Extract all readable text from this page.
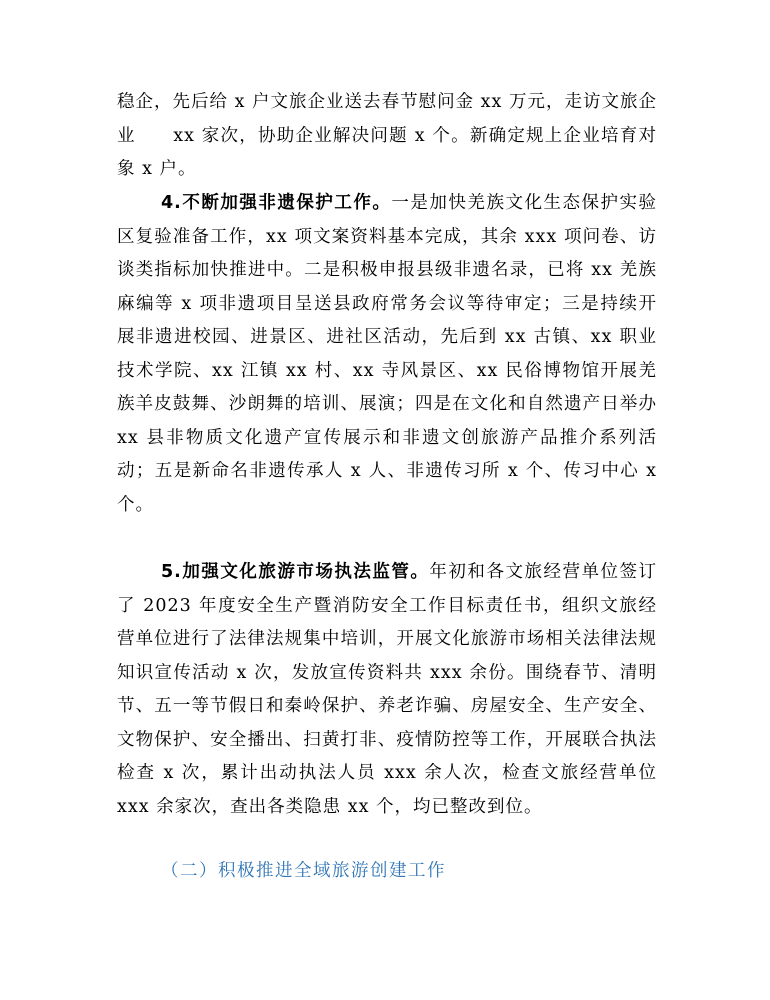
稳企，先后给 x 户文旅企业送去春节慰问金 xx 万元，走访文旅企业　　xx 家次，协助企业解决问题 x 个。新确定规上企业培育对象 x 户。

4.不断加强非遗保护工作。一是加快羌族文化生态保护实验区复验准备工作，xx 项文案资料基本完成，其余 xxx 项问卷、访谈类指标加快推进中。二是积极申报县级非遗名录，已将 xx 羌族麻编等 x 项非遗项目呈送县政府常务会议等待审定；三是持续开展非遗进校园、进景区、进社区活动，先后到 xx 古镇、xx 职业技术学院、xx 江镇 xx 村、xx 寺风景区、xx 民俗博物馆开展羌族羊皮鼓舞、沙朗舞的培训、展演；四是在文化和自然遗产日举办 xx 县非物质文化遗产宣传展示和非遗文创旅游产品推介系列活动；五是新命名非遗传承人 x 人、非遗传习所 x 个、传习中心 x 个。

5.加强文化旅游市场执法监管。年初和各文旅经营单位签订了 2023 年度安全生产暨消防安全工作目标责任书，组织文旅经营单位进行了法律法规集中培训，开展文化旅游市场相关法律法规知识宣传活动 x 次，发放宣传资料共 xxx 余份。围绕春节、清明节、五一等节假日和秦岭保护、养老诈骗、房屋安全、生产安全、文物保护、安全播出、扫黄打非、疫情防控等工作，开展联合执法检查 x 次，累计出动执法人员 xxx 余人次，检查文旅经营单位 xxx 余家次，查出各类隐患 xx 个，均已整改到位。

（二）积极推进全域旅游创建工作
